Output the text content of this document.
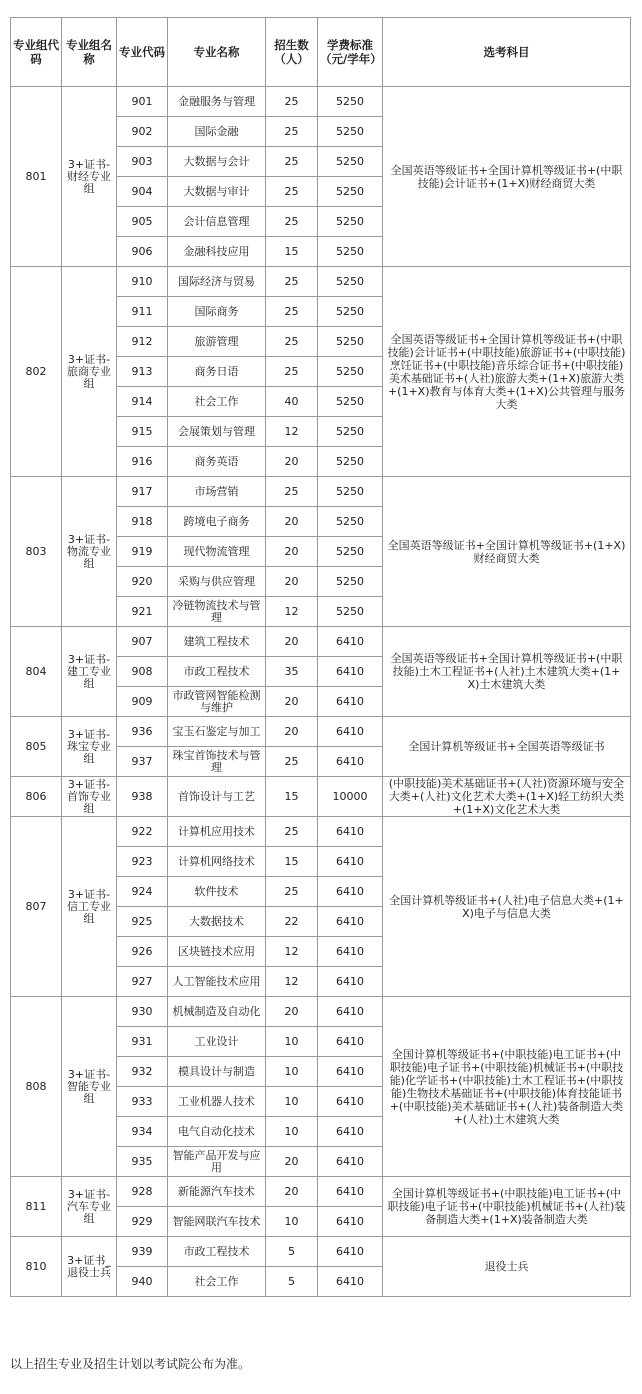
专业组代码	专业组名称	专业代码	专业名称	招生数（人）	学费标准（元/学年）	选考科目
801	3+证书-财经专业组	901	金融服务与管理	25	5250	全国英语等级证书+全国计算机等级证书+(中职技能)会计证书+(1+X)财经商贸大类
		902	国际金融	25	5250	
		903	大数据与会计	25	5250	
		904	大数据与审计	25	5250	
		905	会计信息管理	25	5250	
		906	金融科技应用	15	5250	
802	3+证书-旅商专业组	910	国际经济与贸易	25	5250	全国英语等级证书+全国计算机等级证书+(中职技能)会计证书+(中职技能)旅游证书+(中职技能)烹饪证书+(中职技能)音乐综合证书+(中职技能)美术基础证书+(人社)旅游大类+(1+X)旅游大类+(1+X)教育与体育大类+(1+X)公共管理与服务大类
		911	国际商务	25	5250	
		912	旅游管理	25	5250	
		913	商务日语	25	5250	
		914	社会工作	40	5250	
		915	会展策划与管理	12	5250	
		916	商务英语	20	5250	
803	3+证书-物流专业组	917	市场营销	25	5250	全国英语等级证书+全国计算机等级证书+(1+X)财经商贸大类
		918	跨境电子商务	20	5250	
		919	现代物流管理	20	5250	
		920	采购与供应管理	20	5250	
		921	冷链物流技术与管理	12	5250	
804	3+证书-建工专业组	907	建筑工程技术	20	6410	全国英语等级证书+全国计算机等级证书+(中职技能)土木工程证书+(人社)土木建筑大类+(1+X)土木建筑大类
		908	市政工程技术	35	6410	
		909	市政管网智能检测与维护	20	6410	
805	3+证书-珠宝专业组	936	宝玉石鉴定与加工	20	6410	全国计算机等级证书+全国英语等级证书
		937	珠宝首饰技术与管理	25	6410	
806	3+证书-首饰专业组	938	首饰设计与工艺	15	10000	(中职技能)美术基础证书+(人社)资源环境与安全大类+(人社)文化艺术大类+(1+X)轻工纺织大类+(1+X)文化艺术大类
807	3+证书-信工专业组	922	计算机应用技术	25	6410	全国计算机等级证书+(人社)电子信息大类+(1+X)电子与信息大类
		923	计算机网络技术	15	6410	
		924	软件技术	25	6410	
		925	大数据技术	22	6410	
		926	区块链技术应用	12	6410	
		927	人工智能技术应用	12	6410	
808	3+证书-智能专业组	930	机械制造及自动化	20	6410	全国计算机等级证书+(中职技能)电工证书+(中职技能)电子证书+(中职技能)机械证书+(中职技能)化学证书+(中职技能)土木工程证书+(中职技能)生物技术基础证书+(中职技能)体育技能证书+(中职技能)美术基础证书+(人社)装备制造大类+(人社)土木建筑大类
		931	工业设计	10	6410	
		932	模具设计与制造	10	6410	
		933	工业机器人技术	10	6410	
		934	电气自动化技术	10	6410	
		935	智能产品开发与应用	20	6410	
811	3+证书-汽车专业组	928	新能源汽车技术	20	6410	全国计算机等级证书+(中职技能)电工证书+(中职技能)电子证书+(中职技能)机械证书+(人社)装备制造大类+(1+X)装备制造大类
		929	智能网联汽车技术	10	6410	
810	3+证书_退役士兵	939	市政工程技术	5	6410	退役士兵
		940	社会工作	5	6410	
以上招生专业及招生计划以考试院公布为准。
